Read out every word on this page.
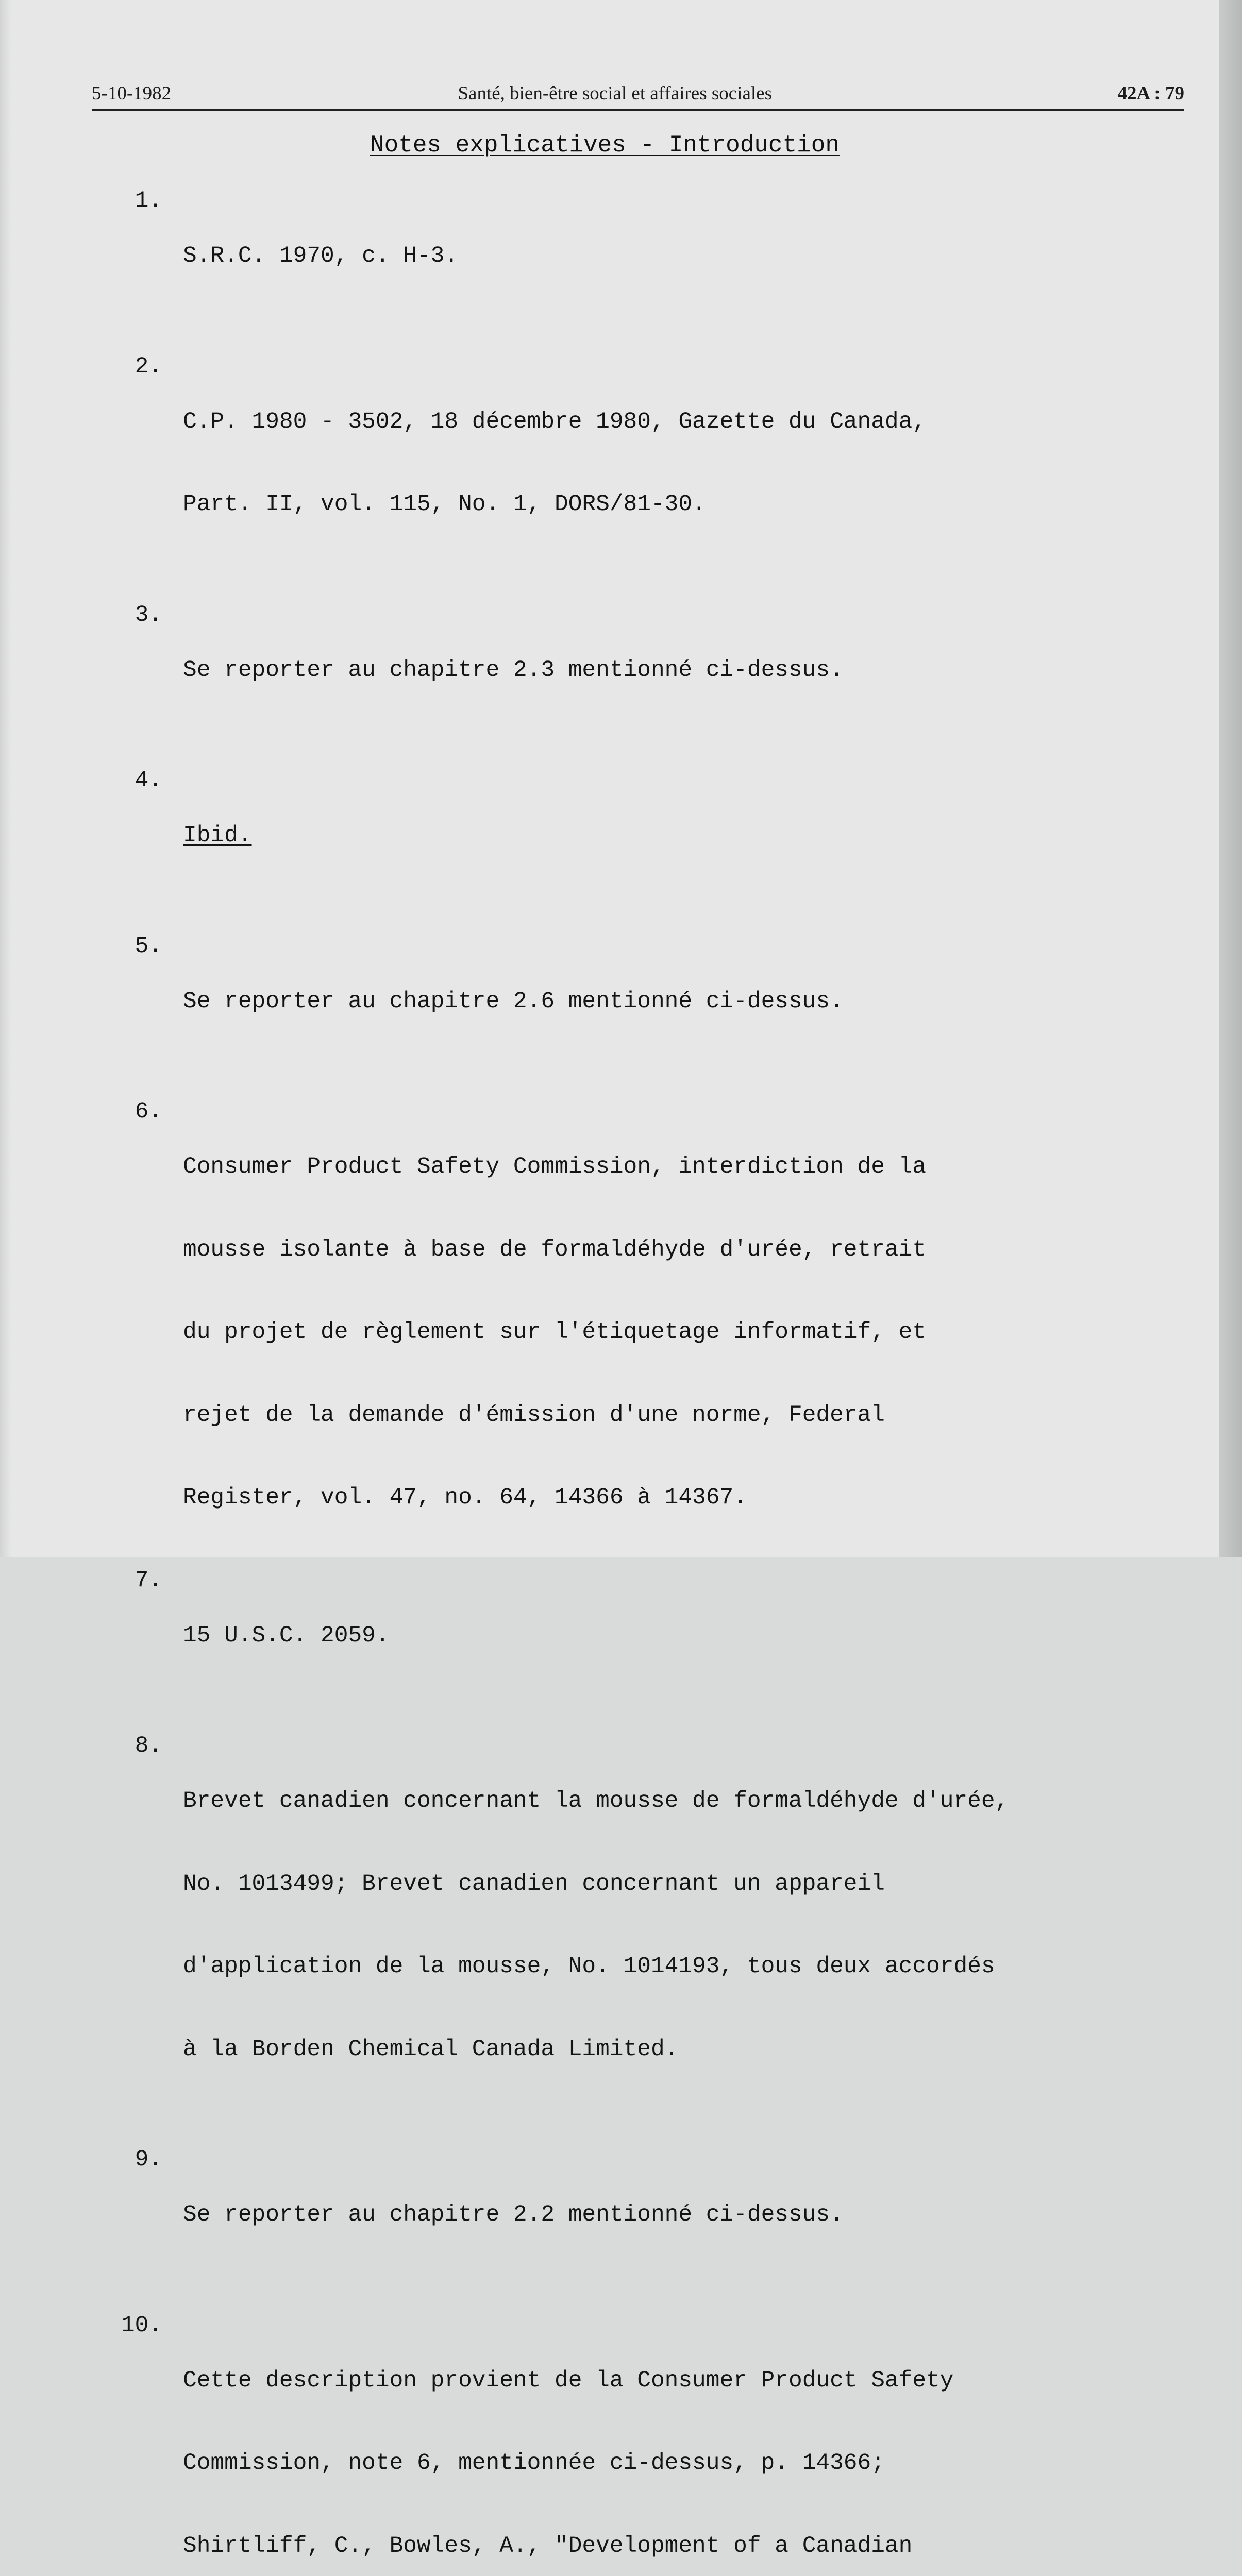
5-10-1982	Santé, bien-être social et affaires sociales	42A : 79
Notes explicatives - Introduction
1.

S.R.C. 1970, c. H-3.

2.

C.P. 1980 - 3502, 18 décembre 1980, Gazette du Canada,

Part. II, vol. 115, No. 1, DORS/81-30.

3.

Se reporter au chapitre 2.3 mentionné ci-dessus.

4.

Ibid.

5.

Se reporter au chapitre 2.6 mentionné ci-dessus.

6.

Consumer Product Safety Commission, interdiction de la

mousse isolante à base de formaldéhyde d'urée, retrait

du projet de règlement sur l'étiquetage informatif, et

rejet de la demande d'émission d'une norme, Federal

Register, vol. 47, no. 64, 14366 à 14367.

7.

15 U.S.C. 2059.

8.

Brevet canadien concernant la mousse de formaldéhyde d'urée,

No. 1013499; Brevet canadien concernant un appareil

d'application de la mousse, No. 1014193, tous deux accordés

à la Borden Chemical Canada Limited.

9.

Se reporter au chapitre 2.2 mentionné ci-dessus.

10.

Cette description provient de la Consumer Product Safety

Commission, note 6, mentionnée ci-dessus, p. 14366;

Shirtliff, C., Bowles, A., "Development of a Canadian
